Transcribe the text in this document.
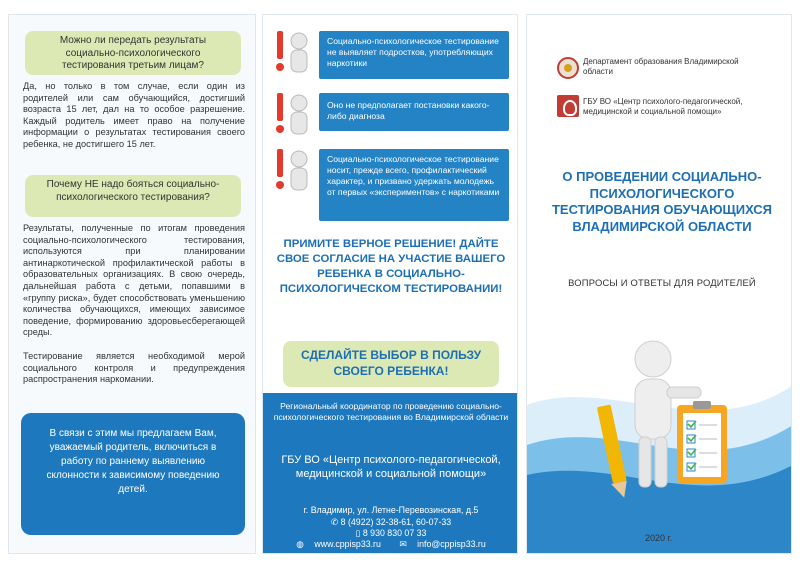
Можно ли передать результаты социально-психологического тестирования третьим лицам?
Да, но только в том случае, если один из родителей или сам обучающийся, достигший возраста 15 лет, дал на то особое разрешение. Каждый родитель имеет право на получение информации о результатах тестирования своего ребенка, не достигшего 15 лет.
Почему НЕ надо бояться социально-психологического тестирования?
Результаты, полученные по итогам проведения социально-психологического тестирования, используются при планировании антинаркотической профилактической работы в образовательных организациях. В свою очередь, дальнейшая работа с детьми, попавшими в «группу риска», будет способствовать уменьшению количества обучающихся, имеющих зависимое поведение, формированию здоровьесберегающей среды.
Тестирование является необходимой мерой социального контроля и предупреждения распространения наркомании.
В связи с этим мы предлагаем Вам, уважаемый родитель, включиться в работу по раннему выявлению склонности к зависимому поведению детей.
Социально-психологическое тестирование не выявляет подростков, употребляющих наркотики
Оно не предполагает постановки какого-либо диагноза
Социально-психологическое тестирование носит, прежде всего, профилактический характер, и призвано удержать молодежь от первых «экспериментов» с наркотиками
ПРИМИТЕ ВЕРНОЕ РЕШЕНИЕ! ДАЙТЕ СВОЕ СОГЛАСИЕ НА УЧАСТИЕ ВАШЕГО РЕБЕНКА В СОЦИАЛЬНО-ПСИХОЛОГИЧЕСКОМ ТЕСТИРОВАНИИ!
СДЕЛАЙТЕ ВЫБОР В ПОЛЬЗУ СВОЕГО РЕБЕНКА!
Региональный координатор по проведению социально-психологического тестирования во Владимирской области
ГБУ ВО «Центр психолого-педагогической, медицинской и социальной помощи»
г. Владимир, ул. Летне-Перевозинская, д.5
✆ 8 (4922) 32-38-61, 60-07-33
▯ 8 930 830 07 33
◍ www.cppisp33.ru ✉ info@cppisp33.ru
Департамент образования Владимирской области
ГБУ ВО «Центр психолого-педагогической, медицинской и социальной помощи»
О ПРОВЕДЕНИИ СОЦИАЛЬНО-ПСИХОЛОГИЧЕСКОГО ТЕСТИРОВАНИЯ ОБУЧАЮЩИХСЯ ВЛАДИМИРСКОЙ ОБЛАСТИ
ВОПРОСЫ И ОТВЕТЫ ДЛЯ РОДИТЕЛЕЙ
2020 г.
